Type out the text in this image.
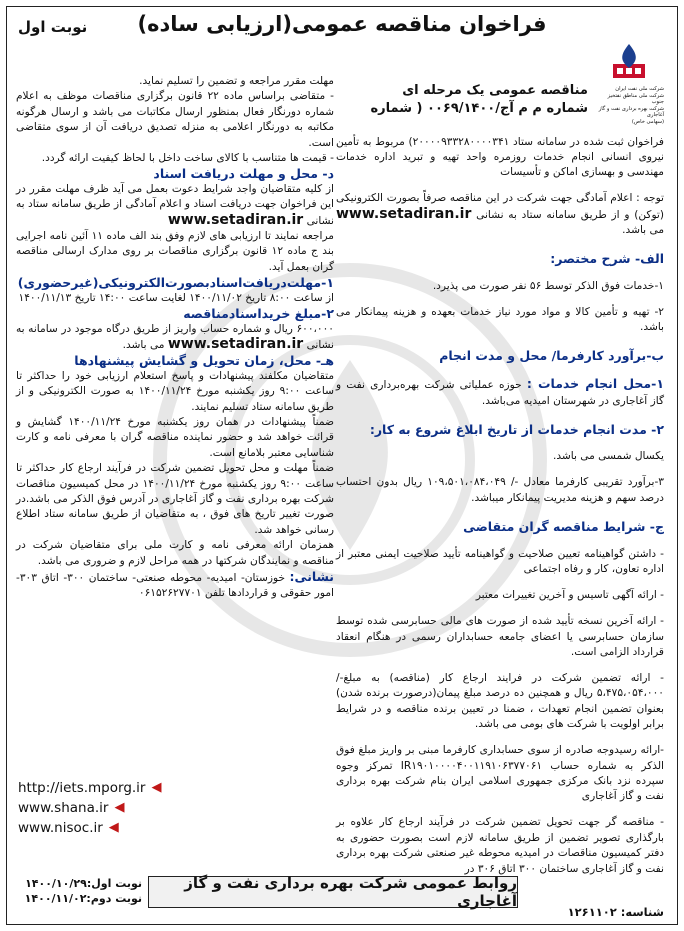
فراخوان مناقصه عمومی(ارزیابی ساده)
نوبت اول
شرکت ملی نفت ایران
شرکت ملی مناطق نفتخیز جنوب
شرکت بهره برداری نفت و گاز آغاجاری
(سهامی خاص)
مناقصه عمومی یک مرحله ای
شماره م م آج/۰۰۶۹/۱۴۰۰ ( شماره

فراخوان ثبت شده در سامانه ستاد ۲۰۰۰۰۹۳۳۲۸۰۰۰۰۳۴۱) مربوط به تأمین نیروی انسانی انجام خدمات روزمره واحد تهیه و تبرید اداره خدمات مهندسی و بهسازی اماکن و تأسیسات

توجه : اعلام آمادگی جهت شرکت در این مناقصه صرفاً بصورت الکترونیکی (توکن) و از طریق سامانه ستاد به نشانی www.setadiran.ir می باشد.

الف- شرح مختصر:

۱-خدمات فوق الذکر توسط ۵۶ نفر صورت می پذیرد.

۲- تهیه و تأمین کالا و مواد مورد نیاز خدمات بعهده و هزینه پیمانکار می باشد.

ب-برآورد کارفرما/ محل و مدت انجام

۱-محل انجام خدمات : حوزه عملیاتی شرکت بهره‌برداری نفت و گاز آغاجاری در شهرستان امیدیه می‌باشد.

۲- مدت انجام خدمات از تاریخ ابلاغ شروع به کار:

یکسال شمسی می باشد.

۳-برآورد تقریبی کارفرما معادل -/ ۱۰۹،۵۰۱،۰۸۴،۰۴۹ ریال بدون احتساب درصد سهم و هزینه مدیریت پیمانکار میباشد.

ج- شرایط مناقصه گران متقاضی

- داشتن گواهینامه تعیین صلاحیت و گواهینامه تأیید صلاحیت ایمنی معتبر از اداره تعاون، کار و رفاه اجتماعی

- ارائه آگهی تاسیس و آخرین تغییرات معتبر

- ارائه آخرین نسخه تأیید شده از صورت های مالی حسابرسی شده توسط سازمان حسابرسی یا اعضای جامعه حسابداران رسمی در هنگام انعقاد قرارداد الزامی است.

- ارائه تضمین شرکت در فرایند ارجاع کار (مناقصه) به مبلغ-/ ۵،۴۷۵،۰۵۴،۰۰۰ ریال و همچنین ده درصد مبلغ پیمان(درصورت برنده شدن) بعنوان تضمین انجام تعهدات ، ضمنا در تعیین برنده مناقصه و در شرایط برابر اولویت با شرکت های بومی می باشد.

-ارائه رسیدوجه صادره از سوی حسابداری کارفرما مبنی بر واریز مبلغ فوق الذکر به شماره حساب IR۱۹۰۱۰۰۰۰۴۰۰۱۱۹۱۰۶۳۷۷۰۶۱ تمرکز وجوه سپرده نزد بانک مرکزی جمهوری اسلامی ایران بنام شرکت بهره برداری نفت و گاز آغاجاری

- مناقصه گر جهت تحویل تضمین شرکت در فرآیند ارجاع کار علاوه بر بارگذاری تصویر تضمین از طریق سامانه لازم است بصورت حضوری به دفتر کمیسیون مناقصات در امیدیه محوطه غیر صنعتی شرکت بهره برداری نفت و گاز آغاجاری ساختمان ۳۰۰ اتاق ۳۰۶ در

مهلت مقرر مراجعه و تضمین را تسلیم نماید.

- متقاضی براساس ماده ۲۲ قانون برگزاری مناقصات موظف به اعلام شماره دورنگار فعال بمنظور ارسال مکاتبات می باشد و ارسال هرگونه مکاتبه به دورنگار اعلامی به منزله تصدیق دریافت آن از سوی متقاضی است.

- قیمت ها متناسب با کالای ساخت داخل با لحاظ کیفیت ارائه گردد.

د- محل و مهلت دریافت اسناد

از کلیه متقاضیان واجد شرایط دعوت بعمل می آید ظرف مهلت مقرر در این فراخوان جهت دریافت اسناد و اعلام آمادگی از طریق سامانه ستاد به نشانی www.setadiran.ir

مراجعه نمایند تا ارزیابی های لازم وفق بند الف ماده ۱۱ آئین نامه اجرایی بند ج ماده ۱۲ قانون برگزاری مناقصات بر روی مدارک ارسالی مناقصه گران بعمل آید.

۱-مهلت‌دریافت‌اسناد‌بصورت‌الکترونیکی(غیرحضوری)

از ساعت ۸:۰۰ تاریخ ۱۴۰۰/۱۱/۰۲ لغایت ساعت ۱۴:۰۰ تاریخ ۱۴۰۰/۱۱/۱۳

۲-مبلغ خریداسنادمناقصه

۶۰۰،۰۰۰ ریال و شماره حساب واریز از طریق درگاه موجود در سامانه به نشانی www.setadiran.ir می باشد.

هـ- محل، زمان تحویل و گشایش پیشنهادها

متقاضیان مکلفند پیشنهادات و پاسخ استعلام ارزیابی خود را حداکثر تا ساعت ۹:۰۰ روز یکشنبه مورخ ۱۴۰۰/۱۱/۲۴ به صورت الکترونیکی و از طریق سامانه ستاد تسلیم نمایند.

ضمناً پیشنهادات در همان روز یکشنبه مورخ ۱۴۰۰/۱۱/۲۴ گشایش و قرائت خواهد شد و حضور نماینده مناقصه گران با معرفی نامه و کارت شناسایی معتبر بلامانع است.

ضمناً مهلت و محل تحویل تضمین شرکت در فرآیند ارجاع کار حداکثر تا ساعت ۹:۰۰ روز یکشنبه مورخ ۱۴۰۰/۱۱/۲۴ در محل کمیسیون مناقصات شرکت بهره برداری نفت و گاز آغاجاری در آدرس فوق الذکر می باشد.در صورت تغییر تاریخ های فوق ، به متقاضیان از طریق سامانه ستاد اطلاع رسانی خواهد شد.

همزمان ارائه معرفی نامه و کارت ملی برای متقاضیان شرکت در مناقصه و نمایندگان شرکتها در همه مراحل لازم و ضروری می باشد.

نشانی: خوزستان- امیدیه- محوطه صنعتی- ساختمان ۳۰۰- اتاق ۳۰۳- امور حقوقی و قراردادها تلفن ۰۶۱۵۲۶۲۷۷۰۱

http://iets.mporg.ir ◀
www.shana.ir ◀
www.nisoc.ir ◀
نوبت اول:۱۴۰۰/۱۰/۲۹
نوبت دوم:۱۴۰۰/۱۱/۰۲
روابط عمومی شرکت بهره برداری نفت و گاز آغاجاری
شناسه: ۱۲۶۱۱۰۲
